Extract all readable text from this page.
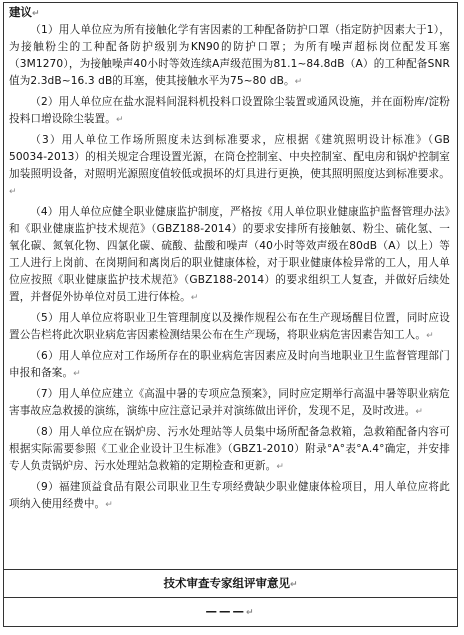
建议↵

（1）用人单位应为所有接触化学有害因素的工种配备防护口罩（指定防护因素大于1），为接触粉尘的工种配备防护级别为KN90的防护口罩；为所有噪声超标岗位配发耳塞（3M1270），为接触噪声40小时等效连续A声级范围为81.1~84.8dB（A）的工种配备SNR值为2.3dB~16.3 dB的耳塞，使其接触水平为75~80 dB。↵

（2）用人单位应在盐水混料间混料机投料口设置除尘装置或通风设施，并在面粉库/淀粉投料口增设除尘装置。↵

（3）用人单位工作场所照度未达到标准要求，应根据《建筑照明设计标准》（GB 50034-2013）的相关规定合理设置光源，在筒仓控制室、中央控制室、配电房和锅炉控制室加装照明设备，对照明光源照度值较低或损坏的灯具进行更换，使其照明照度达到标准要求。↵

（4）用人单位应健全职业健康监护制度，严格按《用人单位职业健康监护监督管理办法》和《职业健康监护技术规范》（GBZ188-2014）的要求安排所有接触氨、粉尘、硫化氢、一氧化碳、氮氧化物、四氯化碳、硫酸、盐酸和噪声（40小时等效声级在80dB（A）以上）等工人进行上岗前、在岗期间和离岗后的职业健康体检，对于职业健康体检异常的工人，用人单位应按照《职业健康监护技术规范》（GBZ188-2014）的要求组织工人复查，并做好后续处置，并督促外协单位对员工进行体检。↵

（5）用人单位应将职业卫生管理制度以及操作规程公布在生产现场醒目位置，同时应设置公告栏将此次职业病危害因素检测结果公布在生产现场，将职业病危害因素告知工人。↵

（6）用人单位应对工作场所存在的职业病危害因素应及时向当地职业卫生监督管理部门申报和备案。↵

（7）用人单位应建立《高温中暑的专项应急预案》，同时应定期举行高温中暑等职业病危害事故应急救援的演练，演练中应注意记录并对演练做出评价，发现不足，及时改进。↵

（8）用人单位应在锅炉房、污水处理站等人员集中场所配备急救箱，急救箱配备内容可根据实际需要参照《工业企业设计卫生标准》（GBZ1-2010）附录°A°表°A.4°确定，并安排专人负责锅炉房、污水处理站急救箱的定期检查和更新。↵

（9）福建顶益食品有限公司职业卫生专项经费缺少职业健康体检项目，用人单位应将此项纳入使用经费中。↵

技术审查专家组评审意见↵
———↵
